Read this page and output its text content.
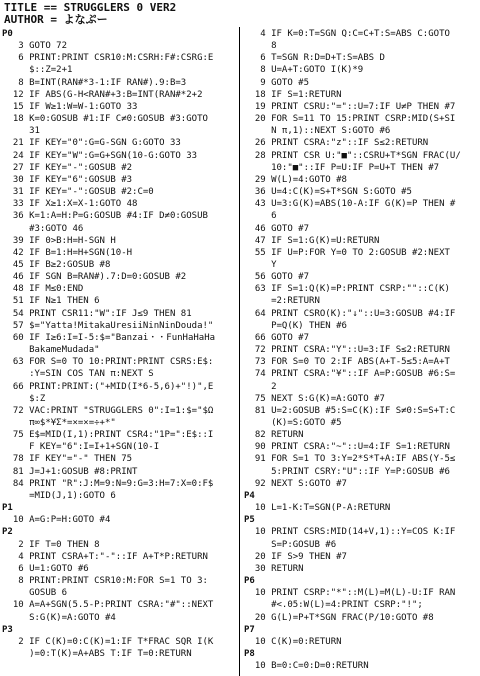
TITLE == STRUGGLERS 0 VER2
AUTHOR = よなぷー
P0
3 GOTO 72
6 PRINT:PRINT CSR10:M:CSRH:F#:CSRG:E
$::Z=2+1
8 B=INT(RAN#*3-1:IF RAN#).9:B=3
12 IF ABS(G-H<RAN#+3:B=INT(RAN#*2+2
15 IF W≥1:W=W-1:GOTO 33
18 K=0:GOSUB #1:IF C≠0:GOSUB #3:GOTO
31
21 IF KEY="0":G=G-SGN G:GOTO 33
24 IF KEY="W":G=G+SGN(10-G:GOTO 33
27 IF KEY="-":GOSUB #2
30 IF KEY="6":GOSUB #3
31 IF KEY="-":GOSUB #2:C=0
33 IF X≥1:X=X-1:GOTO 48
36 K=1:A=H:P=G:GOSUB #4:IF D≠0:GOSUB
#3:GOTO 46
39 IF 0>B:H=H-SGN H
42 IF B=1:H=H+SGN(10-H
45 IF B≥2:GOSUB #8
46 IF SGN B=RAN#).7:D=0:GOSUB #2
48 IF M≤0:END
51 IF N≥1 THEN 6
54 PRINT CSR11:"W":IF J≤9 THEN 81
57 $="Yatta!MitakaUresiiNinNinDouda!"
60 IF I≥6:I=I-5:$="Banzai・・FunHaHaHa
BakameMudada"
63 FOR S=0 TO 10:PRINT:PRINT CSRS:E$:
:Y=SIN COS TAN π:NEXT S
66 PRINT:PRINT:("+MID(I*6-5,6)+"!)",E
$:Z
72 VAC:PRINT "STRUGGLERS 0":I=1:$="$Ω
π∞$*¥Σ*=×=×=÷+*"
75 E$=MID(I,1):PRINT CSR4:"1P=":E$::I
F KEY="6":I=I+1+SGN(10-I
78 IF KEY"="-" THEN 75
81 J=J+1:GOSUB #8:PRINT
84 PRINT "R":J:M=9:N=9:G=3:H=7:X=0:F$
=MID(J,1):GOTO 6
P1
10 A=G:P=H:GOTO #4
P2
2 IF T=0 THEN 8
4 PRINT CSRA+T:"-"::IF A+T*P:RETURN
6 U=1:GOTO #6
8 PRINT:PRINT CSR10:M:FOR S=1 TO 3:
GOSUB 6
10 A=A+SGN(5.5-P:PRINT CSRA:"#"::NEXT
S:G(K)=A:GOTO #4
P3
2 IF C(K)=0:C(K)=1:IF T*FRAC SQR I(K
)=0:T(K)=A+ABS T:IF T=0:RETURN
4 IF K=0:T=SGN Q:C=C+T:S=ABS C:GOTO
8
6 T=SGN R:D=D+T:S=ABS D
8 U=A+T:GOTO I(K)*9
9 GOTO #5
18 IF S=1:RETURN
19 PRINT CSRU:"="::U=7:IF U≠P THEN #7
20 FOR S=11 TO 15:PRINT CSRP:MID(S+SI
N π,1)::NEXT S:GOTO #6
26 PRINT CSRA:"z"::IF S≤2:RETURN
28 PRINT CSR U:"■"::CSRU+T*SGN FRAC(U/
10:"■"::IF P=U:IF P=U+T THEN #7
29 W(L)=4:GOTO #8
36 U=4:C(K)=S+T*SGN S:GOTO #5
43 U=3:G(K)=ABS(10-A:IF G(K)=P THEN #
6
46 GOTO #7
47 IF S=1:G(K)=U:RETURN
55 IF U=P:FOR Y=0 TO 2:GOSUB #2:NEXT
Y
56 GOTO #7
63 IF S=1:Q(K)=P:PRINT CSRP:""::C(K)
=2:RETURN
64 PRINT CSRO(K):"↓"::U=3:GOSUB #4:IF
P=Q(K) THEN #6
66 GOTO #7
72 PRINT CSRA:"Y"::U=3:IF S≤2:RETURN
73 FOR S=0 TO 2:IF ABS(A+T-5≤5:A=A+T
74 PRINT CSRA:"¥"::IF A=P:GOSUB #6:S=
2
75 NEXT S:G(K)=A:GOTO #7
81 U=2:GOSUB #5:S=C(K):IF S≠0:S=S+T:C
(K)=S:GOTO #5
82 RETURN
90 PRINT CSRA:"~"::U=4:IF S=1:RETURN
91 FOR S=1 TO 3:Y=2*S*T+A:IF ABS(Y-5≤
5:PRINT CSRY:"U"::IF Y=P:GOSUB #6
92 NEXT S:GOTO #7
P4
10 L=1-K:T=SGN(P-A:RETURN
P5
10 PRINT CSRS:MID(14+V,1)::Y=COS K:IF
S=P:GOSUB #6
20 IF S>9 THEN #7
30 RETURN
P6
10 PRINT CSRP:"*"::M(L)=M(L)-U:IF RAN
#<.05:W(L)=4:PRINT CSRP:"!";
20 G(L)=P+T*SGN FRAC(P/10:GOTO #8
P7
10 C(K)=0:RETURN
P8
10 B=0:C=0:D=0:RETURN
